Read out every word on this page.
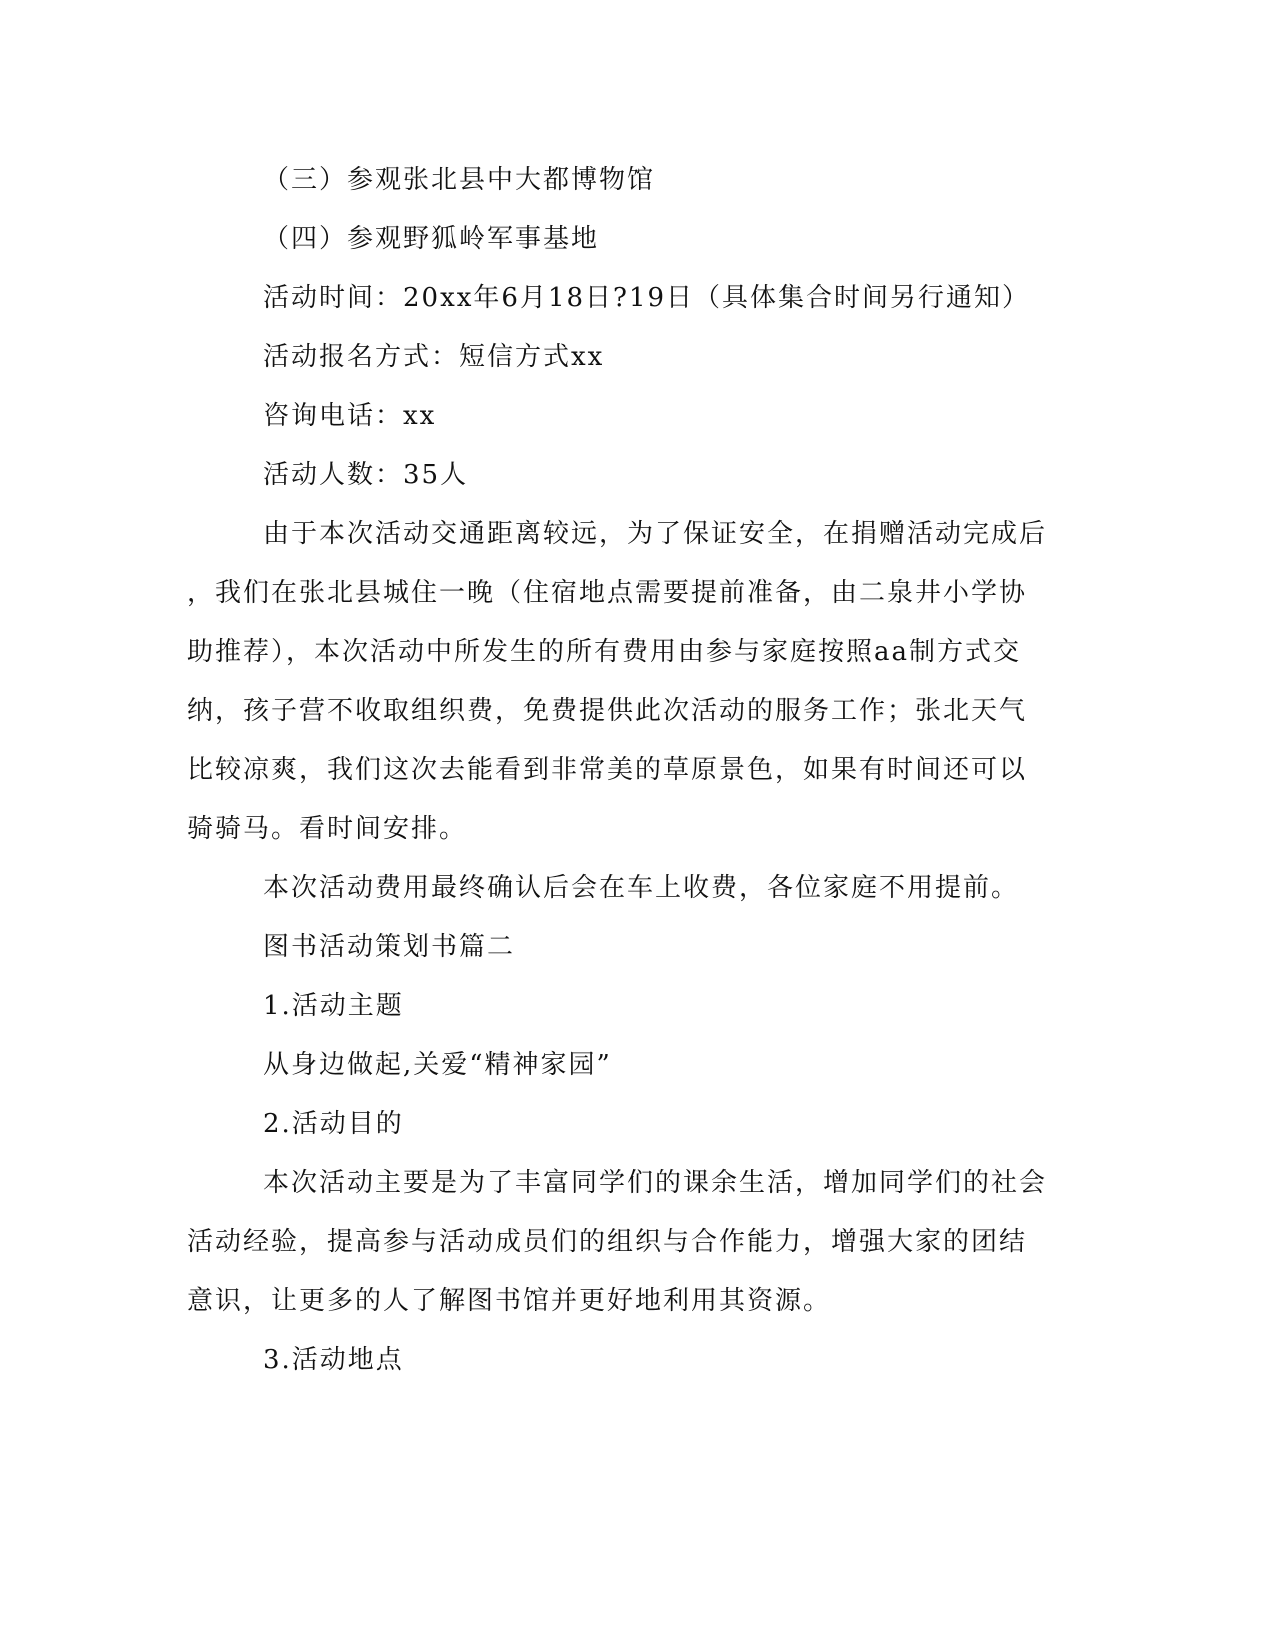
（三）参观张北县中大都博物馆
（四）参观野狐岭军事基地
活动时间：20xx年6月18日?19日（具体集合时间另行通知）
活动报名方式：短信方式xx
咨询电话：xx
活动人数：35人
由于本次活动交通距离较远，为了保证安全，在捐赠活动完成后
，我们在张北县城住一晚（住宿地点需要提前准备，由二泉井小学协
助推荐），本次活动中所发生的所有费用由参与家庭按照aa制方式交
纳，孩子营不收取组织费，免费提供此次活动的服务工作；张北天气
比较凉爽，我们这次去能看到非常美的草原景色，如果有时间还可以
骑骑马。看时间安排。
本次活动费用最终确认后会在车上收费，各位家庭不用提前。
图书活动策划书篇二
1.活动主题
从身边做起,关爱“精神家园”
2.活动目的
本次活动主要是为了丰富同学们的课余生活，增加同学们的社会
活动经验，提高参与活动成员们的组织与合作能力，增强大家的团结
意识，让更多的人了解图书馆并更好地利用其资源。
3.活动地点
